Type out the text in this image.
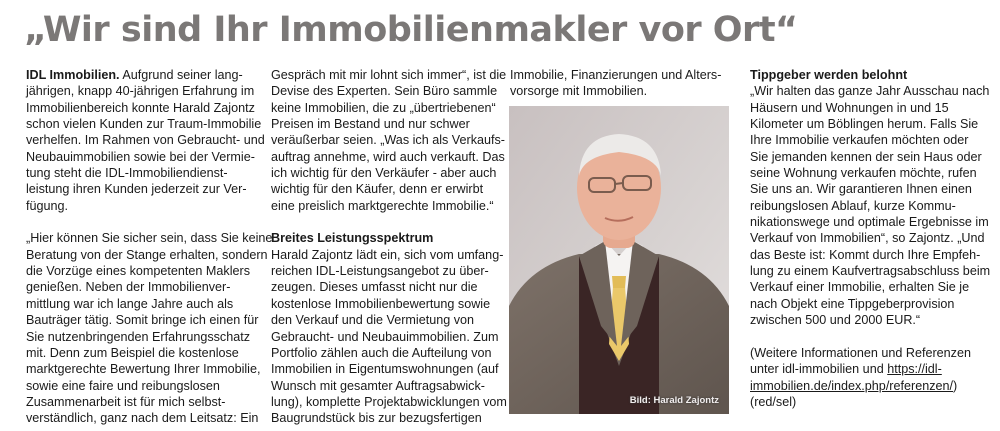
„Wir sind Ihr Immobilienmakler vor Ort“

IDL Immobilien. Aufgrund seiner lang-
jährigen, knapp 40-jährigen Erfahrung im
Immobilienbereich konnte Harald Zajontz
schon vielen Kunden zur Traum-Immobilie
verhelfen. Im Rahmen von Gebraucht- und
Neubauimmobilien sowie bei der Vermie-
tung steht die IDL-Immobiliendienst-
leistung ihren Kunden jederzeit zur Ver-
fügung.

„Hier können Sie sicher sein, dass Sie keine
Beratung von der Stange erhalten, sondern
die Vorzüge eines kompetenten Maklers
genießen. Neben der Immobilienver-
mittlung war ich lange Jahre auch als
Bauträger tätig. Somit bringe ich einen für
Sie nutzenbringenden Erfahrungsschatz
mit. Denn zum Beispiel die kostenlose
marktgerechte Bewertung Ihrer Immobilie,
sowie eine faire und reibungslosen
Zusammenarbeit ist für mich selbst-
verständlich, ganz nach dem Leitsatz: Ein

Gespräch mit mir lohnt sich immer“, ist die
Devise des Experten. Sein Büro sammle
keine Immobilien, die zu „übertriebenen“
Preisen im Bestand und nur schwer
veräußerbar seien. „Was ich als Verkaufs-
auftrag annehme, wird auch verkauft. Das
ich wichtig für den Verkäufer - aber auch
wichtig für den Käufer, denn er erwirbt
eine preislich marktgerechte Immobilie.“

Breites Leistungsspektrum
Harald Zajontz lädt ein, sich vom umfang-
reichen IDL-Leistungsangebot zu über-
zeugen. Dieses umfasst nicht nur die
kostenlose Immobilienbewertung sowie
den Verkauf und die Vermietung von
Gebraucht- und Neubauimmobilien. Zum
Portfolio zählen auch die Aufteilung von
Immobilien in Eigentumswohnungen (auf
Wunsch mit gesamter Auftragsabwick-
lung), komplette Projektabwicklungen vom
Baugrundstück bis zur bezugsfertigen

Immobilie, Finanzierungen und Alters-
vorsorge mit Immobilien.

Bild: Harald Zajontz

Tippgeber werden belohnt
„Wir halten das ganze Jahr Ausschau nach
Häusern und Wohnungen in und 15
Kilometer um Böblingen herum. Falls Sie
Ihre Immobilie verkaufen möchten oder
Sie jemanden kennen der sein Haus oder
seine Wohnung verkaufen möchte, rufen
Sie uns an. Wir garantieren Ihnen einen
reibungslosen Ablauf, kurze Kommu-
nikationswege und optimale Ergebnisse im
Verkauf von Immobilien“, so Zajontz. „Und
das Beste ist: Kommt durch Ihre Empfeh-
lung zu einem Kaufvertragsabschluss beim
Verkauf einer Immobilie, erhalten Sie je
nach Objekt eine Tippgeberprovision
zwischen 500 und 2000 EUR.“

(Weitere Informationen und Referenzen
unter idl-immobilien und https://idl-
immobilien.de/index.php/referenzen/)
(red/sel)
